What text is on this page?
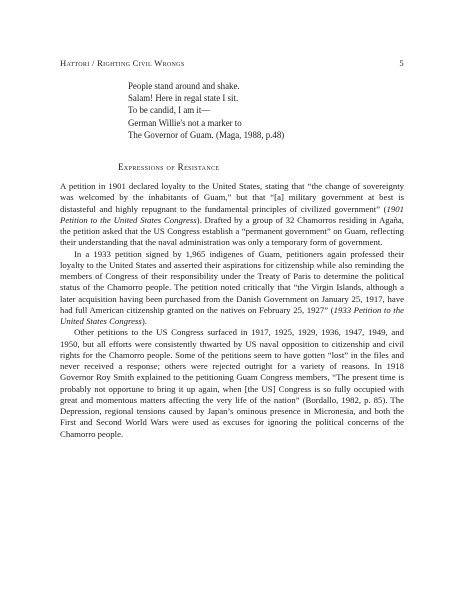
Hattori / Righting Civil Wrongs	5
People stand around and shake.
Salam! Here in regal state I sit.
To be candid, I am it—
German Willie's not a marker to
The Governor of Guam. (Maga, 1988, p.48)
Expressions of Resistance

A petition in 1901 declared loyalty to the United States, stating that “the change of sovereignty was welcomed by the inhabitants of Guam,” but that “[a] military government at best is distasteful and highly repugnant to the fundamental principles of civilized government” (1901 Petition to the United States Congress). Drafted by a group of 32 Chamorros residing in Agaña, the petition asked that the US Congress establish a “permanent government” on Guam, reflecting their understanding that the naval administration was only a temporary form of government.

In a 1933 petition signed by 1,965 indigenes of Guam, petitioners again professed their loyalty to the United States and asserted their aspirations for citizenship while also reminding the members of Congress of their responsibility under the Treaty of Paris to determine the political status of the Chamorro people. The petition noted critically that “the Virgin Islands, although a later acquisition having been purchased from the Danish Government on January 25, 1917, have had full American citizenship granted on the natives on February 25, 1927” (1933 Petition to the United States Congress).

Other petitions to the US Congress surfaced in 1917, 1925, 1929, 1936, 1947, 1949, and 1950, but all efforts were consistently thwarted by US naval opposition to citizenship and civil rights for the Chamorro people. Some of the petitions seem to have gotten “lost” in the files and never received a response; others were rejected outright for a variety of reasons. In 1918 Governor Roy Smith explained to the petitioning Guam Congress members, “The present time is probably not opportune to bring it up again, when [the US] Congress is so fully occupied with great and momentous matters affecting the very life of the nation” (Bordallo, 1982, p. 85). The Depression, regional tensions caused by Japan’s ominous presence in Micronesia, and both the First and Second World Wars were used as excuses for ignoring the political concerns of the Chamorro people.
